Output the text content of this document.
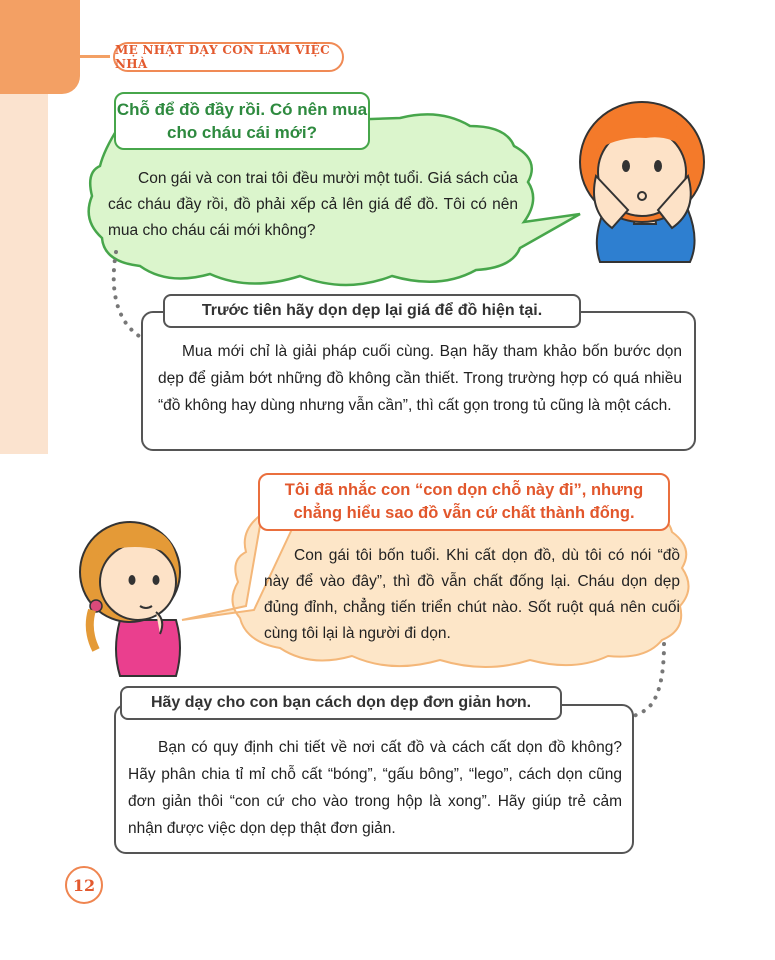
MẸ NHẬT DẠY CON LÀM VIỆC NHÀ
Chỗ để đồ đầy rồi. Có nên mua cho cháu cái mới?
Con gái và con trai tôi đều mười một tuổi. Giá sách của các cháu đầy rồi, đồ phải xếp cả lên giá để đồ. Tôi có nên mua cho cháu cái mới không?
Trước tiên hãy dọn dẹp lại giá để đồ hiện tại.
Mua mới chỉ là giải pháp cuối cùng. Bạn hãy tham khảo bốn bước dọn dẹp để giảm bớt những đồ không cần thiết. Trong trường hợp có quá nhiều “đồ không hay dùng nhưng vẫn cần”, thì cất gọn trong tủ cũng là một cách.
Tôi đã nhắc con “con dọn chỗ này đi”, nhưng chẳng hiểu sao đồ vẫn cứ chất thành đống.
Con gái tôi bốn tuổi. Khi cất dọn đồ, dù tôi có nói “đồ này để vào đây”, thì đồ vẫn chất đống lại. Cháu dọn dẹp đủng đỉnh, chẳng tiến triển chút nào. Sốt ruột quá nên cuối cùng tôi lại là người đi dọn.
Hãy dạy cho con bạn cách dọn dẹp đơn giản hơn.
Bạn có quy định chi tiết về nơi cất đồ và cách cất dọn đồ không? Hãy phân chia tỉ mỉ chỗ cất “bóng”, “gấu bông”, “lego”, cách dọn cũng đơn giản thôi “con cứ cho vào trong hộp là xong”. Hãy giúp trẻ cảm nhận được việc dọn dẹp thật đơn giản.
12
